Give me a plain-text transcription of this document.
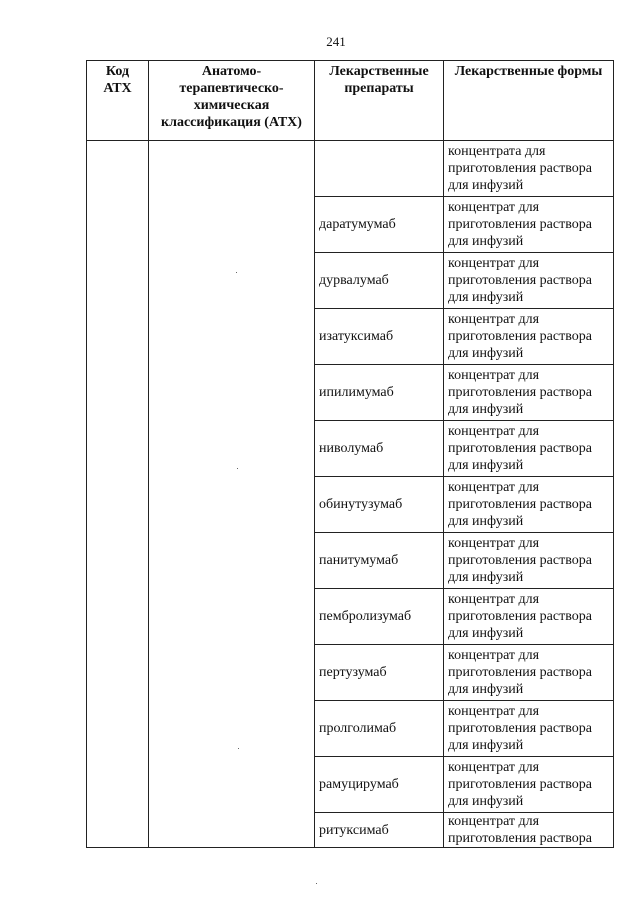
241
Код АТХ	Анатомо-терапевтическо-химическая классификация (АТХ)	Лекарственные препараты	Лекарственные формы
			концентрата для приготовления раствора для инфузий
		даратумумаб	концентрат для приготовления раствора для инфузий
		дурвалумаб	концентрат для приготовления раствора для инфузий
		изатуксимаб	концентрат для приготовления раствора для инфузий
		ипилимумаб	концентрат для приготовления раствора для инфузий
		ниволумаб	концентрат для приготовления раствора для инфузий
		обинутузумаб	концентрат для приготовления раствора для инфузий
		панитумумаб	концентрат для приготовления раствора для инфузий
		пембролизумаб	концентрат для приготовления раствора для инфузий
		пертузумаб	концентрат для приготовления раствора для инфузий
		пролголимаб	концентрат для приготовления раствора для инфузий
		рамуцирумаб	концентрат для приготовления раствора для инфузий
		ритуксимаб	концентрат для приготовления раствора
